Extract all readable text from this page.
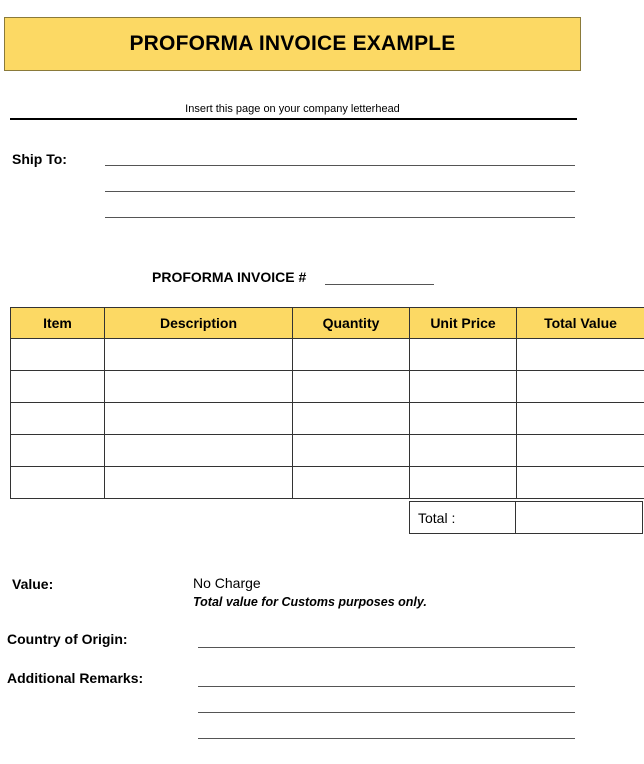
PROFORMA INVOICE EXAMPLE
Insert this page on your company letterhead
Ship To:
PROFORMA INVOICE #
Item	Description	Quantity	Unit Price	Total Value

Total :	
Value:	No Charge
Total value for Customs purposes only.
Country of Origin:
Additional Remarks:
